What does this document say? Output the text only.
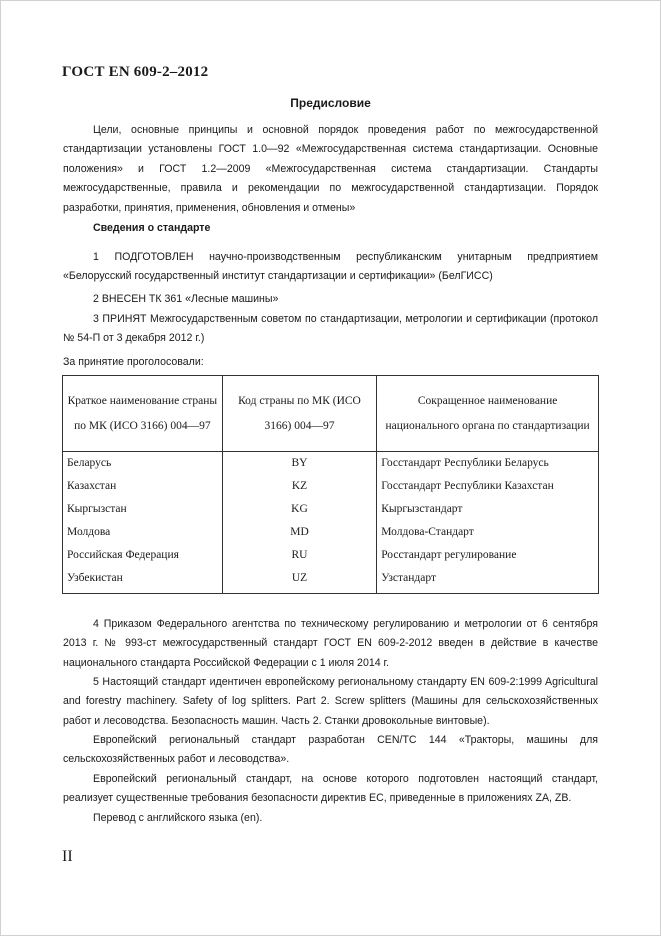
ГОСТ EN 609-2–2012
Предисловие
Цели, основные принципы и основной порядок проведения работ по межгосударственной стандартизации установлены ГОСТ 1.0—92 «Межгосударственная система стандартизации. Основные положения» и ГОСТ 1.2—2009 «Межгосударственная система стандартизации. Стандарты межгосударственные, правила и рекомендации по межгосударственной стандартизации. Порядок разработки, принятия, применения, обновления и отмены»
Сведения о стандарте
1 ПОДГОТОВЛЕН научно-производственным республиканским унитарным предприятием «Белорусский государственный институт стандартизации и сертификации» (БелГИСС)
2 ВНЕСЕН ТК 361 «Лесные машины»
3 ПРИНЯТ Межгосударственным советом по стандартизации, метрологии и сертификации (протокол № 54-П от 3 декабря 2012 г.)
За принятие проголосовали:
Краткое наименование страны по МК (ИСО 3166) 004—97	Код страны по МК (ИСО 3166) 004—97	Сокращенное наименование национального органа по стандартизации
Беларусь	BY	Госстандарт Республики Беларусь
Казахстан	KZ	Госстандарт Республики Казахстан
Кыргызстан	KG	Кыргызстандарт
Молдова	MD	Молдова-Стандарт
Российская Федерация	RU	Росстандарт регулирование
Узбекистан	UZ	Узстандарт
4 Приказом Федерального агентства по техническому регулированию и метрологии от 6 сентября 2013 г. № 993-ст межгосударственный стандарт ГОСТ EN 609-2-2012 введен в действие в качестве национального стандарта Российской Федерации с 1 июля 2014 г.
5 Настоящий стандарт идентичен европейскому региональному стандарту EN 609-2:1999 Agricultural and forestry machinery. Safety of log splitters. Part 2. Screw splitters (Машины для сельскохозяйственных работ и лесоводства. Безопасность машин. Часть 2. Станки дровокольные винтовые).
Европейский региональный стандарт разработан CEN/TC 144 «Тракторы, машины для сельскохозяйственных работ и лесоводства».
Европейский региональный стандарт, на основе которого подготовлен настоящий стандарт, реализует существенные требования безопасности директив ЕС, приведенные в приложениях ZA, ZB.
Перевод с английского языка (en).
II
